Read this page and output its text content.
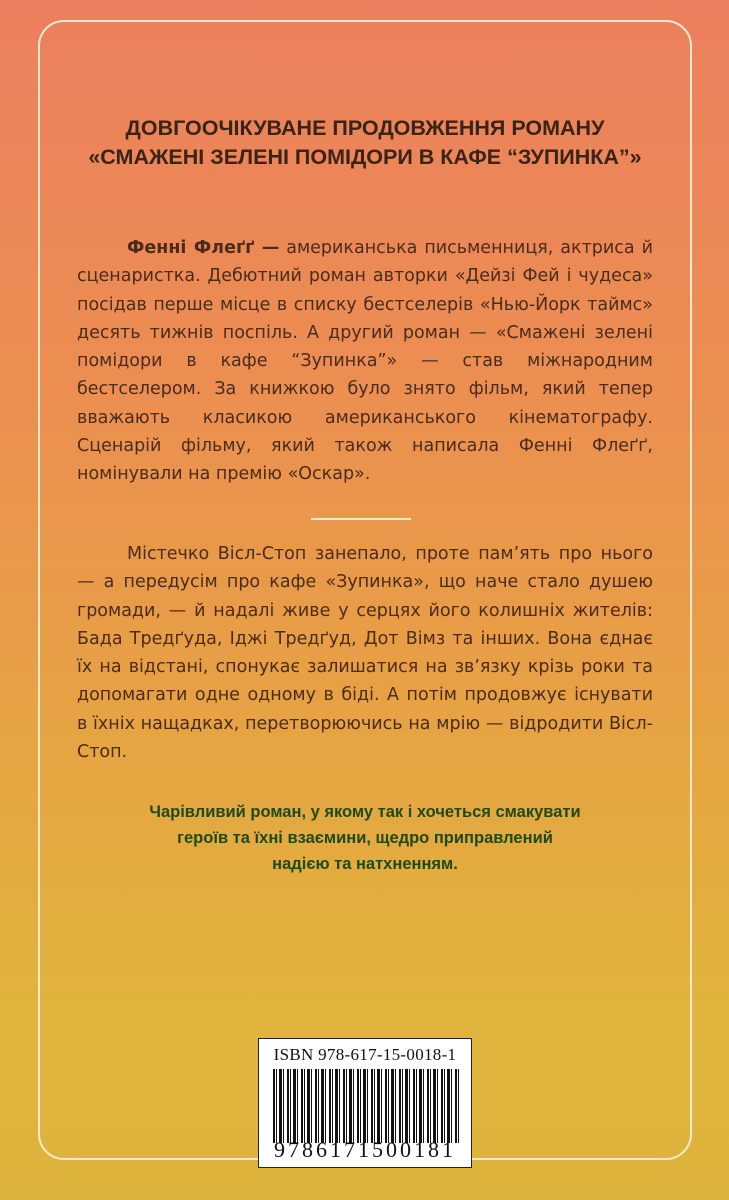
ДОВГООЧІКУВАНЕ ПРОДОВЖЕННЯ РОМАНУ
«СМАЖЕНІ ЗЕЛЕНІ ПОМІДОРИ В КАФЕ “ЗУПИНКА”»

Фенні Флеґґ — американська письменниця, актриса й сценаристка. Дебютний роман авторки «Дейзі Фей і чудеса» посідав перше місце в списку бестселерів «Нью-Йорк таймс» десять тижнів поспіль. А другий роман — «Смажені зелені помідори в кафе “Зупинка”» — став міжнародним бестселером. За книжкою було знято фільм, який тепер вважають класикою американського кінематографу. Сценарій фільму, який також написала Фенні Флеґґ, номінували на премію «Оскар».

Містечко Вісл-Стоп занепало, проте пам’ять про нього — а передусім про кафе «Зупинка», що наче стало душею громади, — й надалі живе у серцях його колишніх жителів: Бада Тредґуда, Іджі Тредґуд, Дот Вімз та інших. Вона єднає їх на відстані, спонукає залишатися на зв’язку крізь роки та допомагати одне одному в біді. А потім продовжує існувати в їхніх нащадках, перетворюючись на мрію — відродити Вісл-Стоп.

Чарівливий роман, у якому так і хочеться смакувати
героїв та їхні взаємини, щедро приправлений
надією та натхненням.
ISBN 978-617-15-0018-1
9786171500181
